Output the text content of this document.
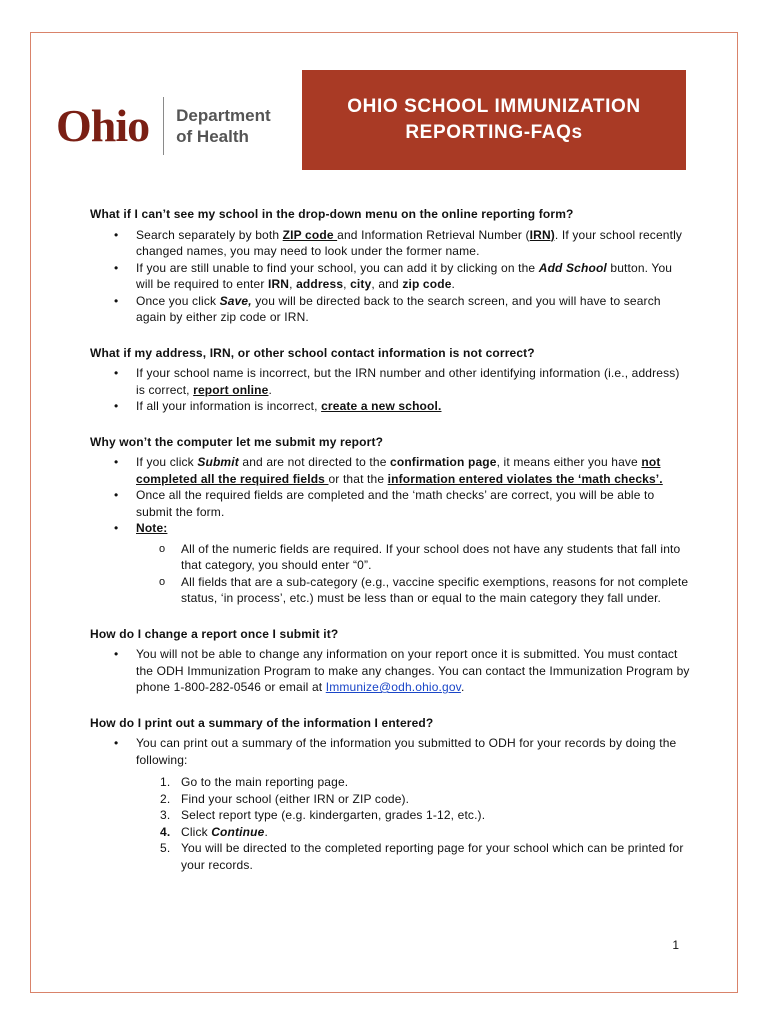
Ohio Department
of Health
OHIO SCHOOL IMMUNIZATION
REPORTING-FAQs
What if I can’t see my school in the drop-down menu on the online reporting form?
• Search separately by both ZIP code and Information Retrieval Number (IRN). If your school recently changed names, you may need to look under the former name.
• If you are still unable to find your school, you can add it by clicking on the Add School button. You will be required to enter IRN, address, city, and zip code.
• Once you click Save, you will be directed back to the search screen, and you will have to search again by either zip code or IRN.
What if my address, IRN, or other school contact information is not correct?
• If your school name is incorrect, but the IRN number and other identifying information (i.e., address) is correct, report online.
• If all your information is incorrect, create a new school.
Why won’t the computer let me submit my report?
• If you click Submit and are not directed to the confirmation page, it means either you have not completed all the required fields or that the information entered violates the ‘math checks’.
• Once all the required fields are completed and the ‘math checks’ are correct, you will be able to submit the form.
• Note:
o All of the numeric fields are required. If your school does not have any students that fall into that category, you should enter “0”.
o All fields that are a sub-category (e.g., vaccine specific exemptions, reasons for not complete status, ‘in process’, etc.) must be less than or equal to the main category they fall under.
How do I change a report once I submit it?
• You will not be able to change any information on your report once it is submitted. You must contact the ODH Immunization Program to make any changes. You can contact the Immunization Program by phone 1-800-282-0546 or email at Immunize@odh.ohio.gov.
How do I print out a summary of the information I entered?
• You can print out a summary of the information you submitted to ODH for your records by doing the following:
1. Go to the main reporting page.
2. Find your school (either IRN or ZIP code).
3. Select report type (e.g. kindergarten, grades 1-12, etc.).
4. Click Continue.
5. You will be directed to the completed reporting page for your school which can be printed for your records.
1
